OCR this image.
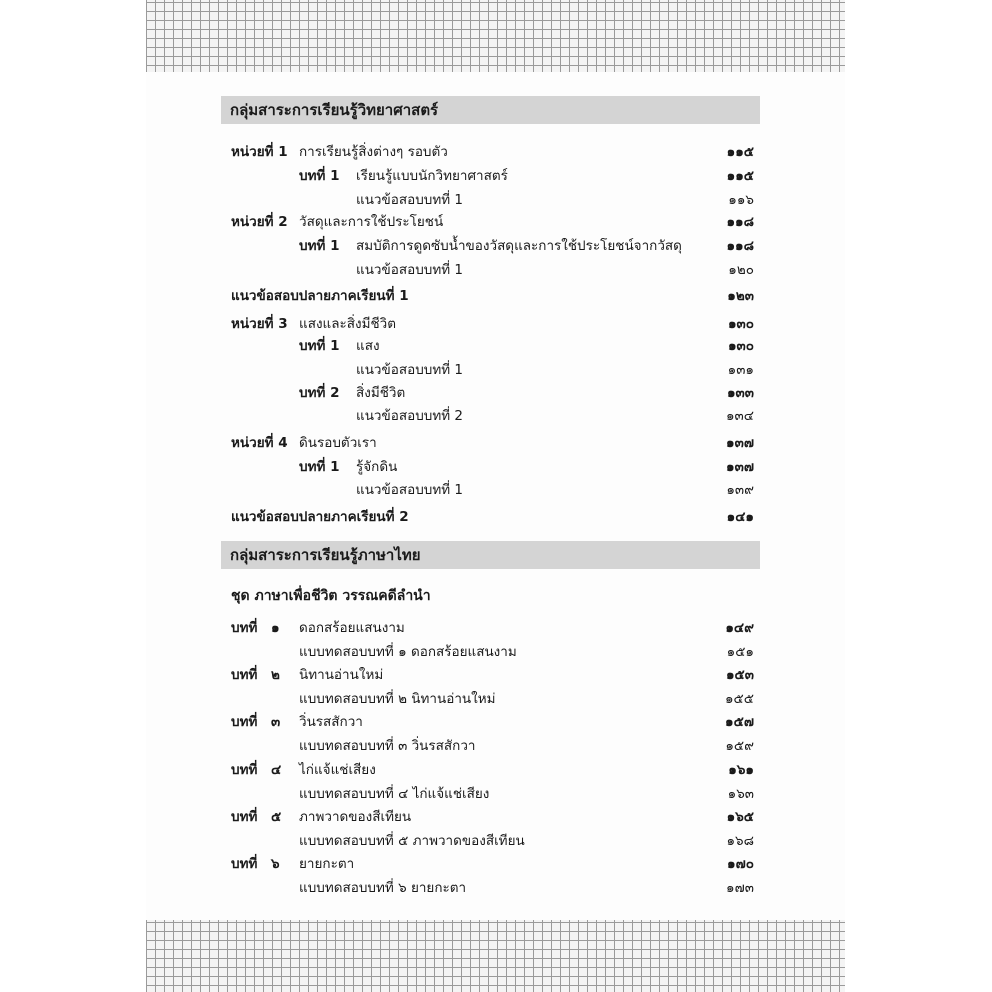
กลุ่มสาระการเรียนรู้วิทยาศาสตร์
หน่วยที่ 1 การเรียนรู้สิ่งต่างๆ รอบตัว	๑๑๕
บทที่ 1 เรียนรู้แบบนักวิทยาศาสตร์	๑๑๕
แนวข้อสอบบทที่ 1	๑๑๖
หน่วยที่ 2 วัสดุและการใช้ประโยชน์	๑๑๘
บทที่ 1 สมบัติการดูดซับน้ำของวัสดุและการใช้ประโยชน์จากวัสดุ	๑๑๘
แนวข้อสอบบทที่ 1	๑๒๐
แนวข้อสอบปลายภาคเรียนที่ 1	๑๒๓
หน่วยที่ 3 แสงและสิ่งมีชีวิต	๑๓๐
บทที่ 1 แสง	๑๓๐
แนวข้อสอบบทที่ 1	๑๓๑
บทที่ 2 สิ่งมีชีวิต	๑๓๓
แนวข้อสอบบทที่ 2	๑๓๔
หน่วยที่ 4 ดินรอบตัวเรา	๑๓๗
บทที่ 1 รู้จักดิน	๑๓๗
แนวข้อสอบบทที่ 1	๑๓๙
แนวข้อสอบปลายภาคเรียนที่ 2	๑๔๑
กลุ่มสาระการเรียนรู้ภาษาไทย
ชุด ภาษาเพื่อชีวิต วรรณคดีลำนำ
บทที่ ๑ ดอกสร้อยแสนงาม	๑๔๙
แบบทดสอบบทที่ ๑ ดอกสร้อยแสนงาม	๑๕๑
บทที่ ๒ นิทานอ่านใหม่	๑๕๓
แบบทดสอบบทที่ ๒ นิทานอ่านใหม่	๑๕๕
บทที่ ๓ วิ่นรสสักวา	๑๕๗
แบบทดสอบบทที่ ๓ วิ่นรสสักวา	๑๕๙
บทที่ ๔ ไก่แจ้แช่เสียง	๑๖๑
แบบทดสอบบทที่ ๔ ไก่แจ้แช่เสียง	๑๖๓
บทที่ ๕ ภาพวาดของสีเทียน	๑๖๕
แบบทดสอบบทที่ ๕ ภาพวาดของสีเทียน	๑๖๘
บทที่ ๖ ยายกะตา	๑๗๐
แบบทดสอบบทที่ ๖ ยายกะตา	๑๗๓
